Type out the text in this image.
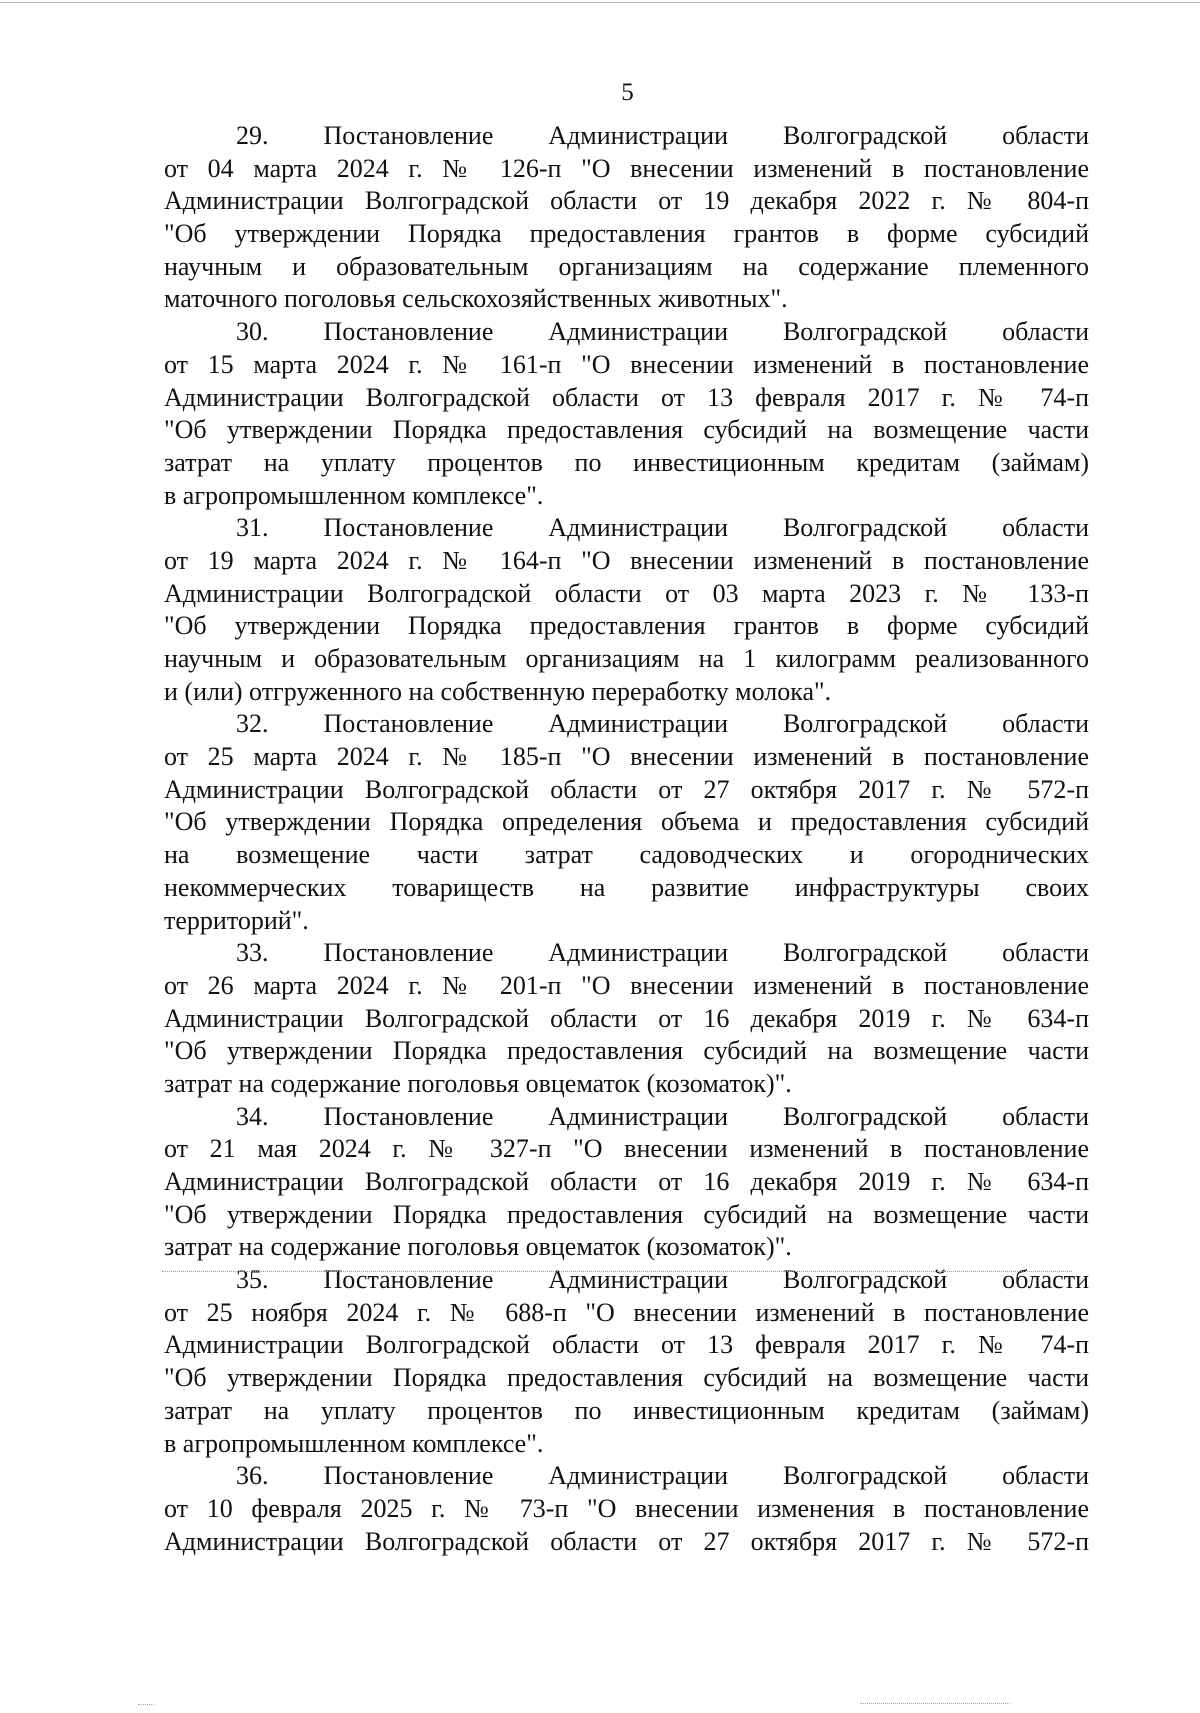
5
29. Постановление Администрации Волгоградской области
от 04 марта 2024 г. № 126-п "О внесении изменений в постановление
Администрации Волгоградской области от 19 декабря 2022 г. № 804-п
"Об утверждении Порядка предоставления грантов в форме субсидий
научным и образовательным организациям на содержание племенного
маточного поголовья сельскохозяйственных животных".
30. Постановление Администрации Волгоградской области
от 15 марта 2024 г. № 161-п "О внесении изменений в постановление
Администрации Волгоградской области от 13 февраля 2017 г. № 74-п
"Об утверждении Порядка предоставления субсидий на возмещение части
затрат на уплату процентов по инвестиционным кредитам (займам)
в агропромышленном комплексе".
31. Постановление Администрации Волгоградской области
от 19 марта 2024 г. № 164-п "О внесении изменений в постановление
Администрации Волгоградской области от 03 марта 2023 г. № 133-п
"Об утверждении Порядка предоставления грантов в форме субсидий
научным и образовательным организациям на 1 килограмм реализованного
и (или) отгруженного на собственную переработку молока".
32. Постановление Администрации Волгоградской области
от 25 марта 2024 г. № 185-п "О внесении изменений в постановление
Администрации Волгоградской области от 27 октября 2017 г. № 572-п
"Об утверждении Порядка определения объема и предоставления субсидий
на возмещение части затрат садоводческих и огороднических
некоммерческих товариществ на развитие инфраструктуры своих
территорий".
33. Постановление Администрации Волгоградской области
от 26 марта 2024 г. № 201-п "О внесении изменений в постановление
Администрации Волгоградской области от 16 декабря 2019 г. № 634-п
"Об утверждении Порядка предоставления субсидий на возмещение части
затрат на содержание поголовья овцематок (козоматок)".
34. Постановление Администрации Волгоградской области
от 21 мая 2024 г. № 327-п "О внесении изменений в постановление
Администрации Волгоградской области от 16 декабря 2019 г. № 634-п
"Об утверждении Порядка предоставления субсидий на возмещение части
затрат на содержание поголовья овцематок (козоматок)".
35. Постановление Администрации Волгоградской области
от 25 ноября 2024 г. № 688-п "О внесении изменений в постановление
Администрации Волгоградской области от 13 февраля 2017 г. № 74-п
"Об утверждении Порядка предоставления субсидий на возмещение части
затрат на уплату процентов по инвестиционным кредитам (займам)
в агропромышленном комплексе".
36. Постановление Администрации Волгоградской области
от 10 февраля 2025 г. № 73-п "О внесении изменения в постановление
Администрации Волгоградской области от 27 октября 2017 г. № 572-п
